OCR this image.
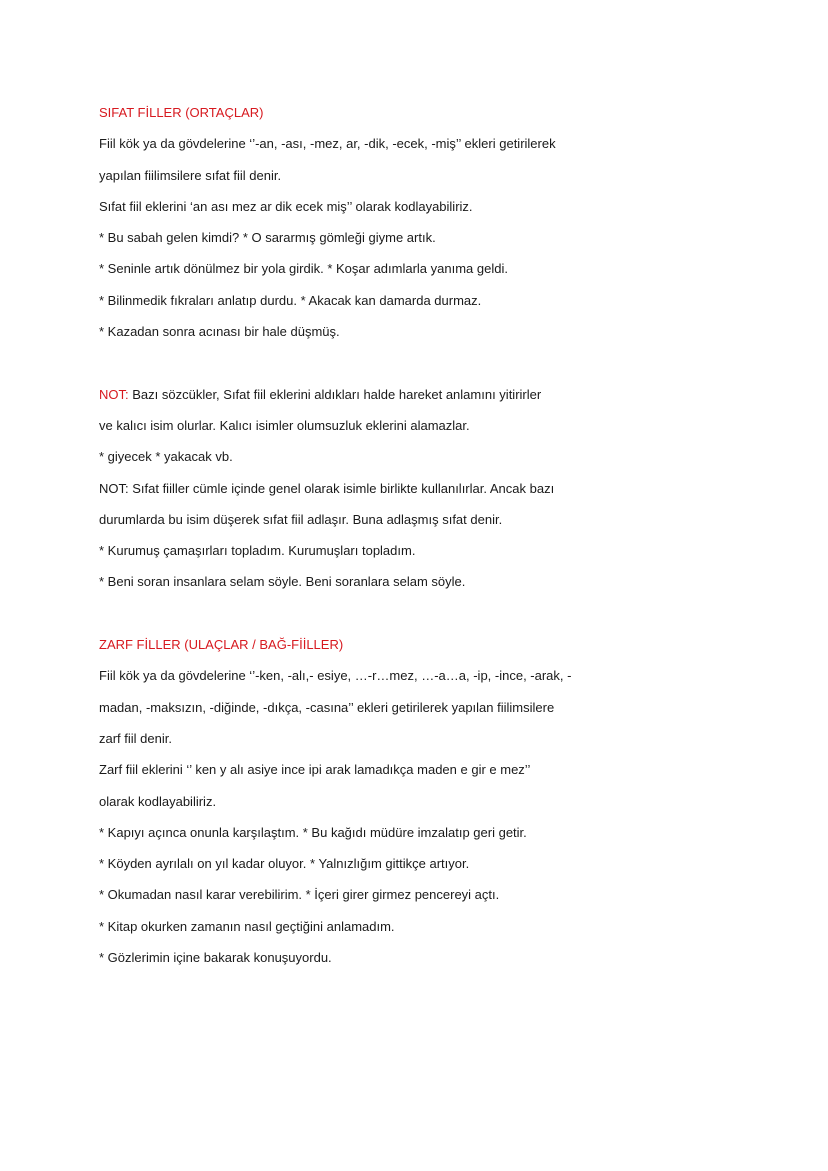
SIFAT FİLLER (ORTAÇLAR)
Fiil kök ya da gövdelerine ‘’-an, -ası, -mez, ar, -dik, -ecek, -miş’’ ekleri getirilerek
yapılan fiilimsilere sıfat fiil denir.
Sıfat fiil eklerini ‘an ası mez ar dik ecek miş’’ olarak kodlayabiliriz.
* Bu sabah gelen kimdi? * O sararmış gömleği giyme artık.
* Seninle artık dönülmez bir yola girdik. * Koşar adımlarla yanıma geldi.
* Bilinmedik fıkraları anlatıp durdu. * Akacak kan damarda durmaz.
* Kazadan sonra acınası bir hale düşmüş.
NOT: Bazı sözcükler, Sıfat fiil eklerini aldıkları halde hareket anlamını yitirirler
ve kalıcı isim olurlar. Kalıcı isimler olumsuzluk eklerini alamazlar.
* giyecek * yakacak vb.
NOT: Sıfat fiiller cümle içinde genel olarak isimle birlikte kullanılırlar. Ancak bazı
durumlarda bu isim düşerek sıfat fiil adlaşır. Buna adlaşmış sıfat denir.
* Kurumuş çamaşırları topladım. Kurumuşları topladım.
* Beni soran insanlara selam söyle. Beni soranlara selam söyle.
ZARF FİLLER (ULAÇLAR / BAĞ-FİİLLER)
Fiil kök ya da gövdelerine ‘’-ken, -alı,- esiye, …-r…mez, …-a…a, -ip, -ince, -arak, -
madan, -maksızın, -diğinde, -dıkça, -casına’’ ekleri getirilerek yapılan fiilimsilere
zarf fiil denir.
Zarf fiil eklerini ‘’ ken y alı asiye ince ipi arak lamadıkça maden e gir e mez’’
olarak kodlayabiliriz.
* Kapıyı açınca onunla karşılaştım. * Bu kağıdı müdüre imzalatıp geri getir.
* Köyden ayrılalı on yıl kadar oluyor. * Yalnızlığım gittikçe artıyor.
* Okumadan nasıl karar verebilirim. * İçeri girer girmez pencereyi açtı.
* Kitap okurken zamanın nasıl geçtiğini anlamadım.
* Gözlerimin içine bakarak konuşuyordu.
